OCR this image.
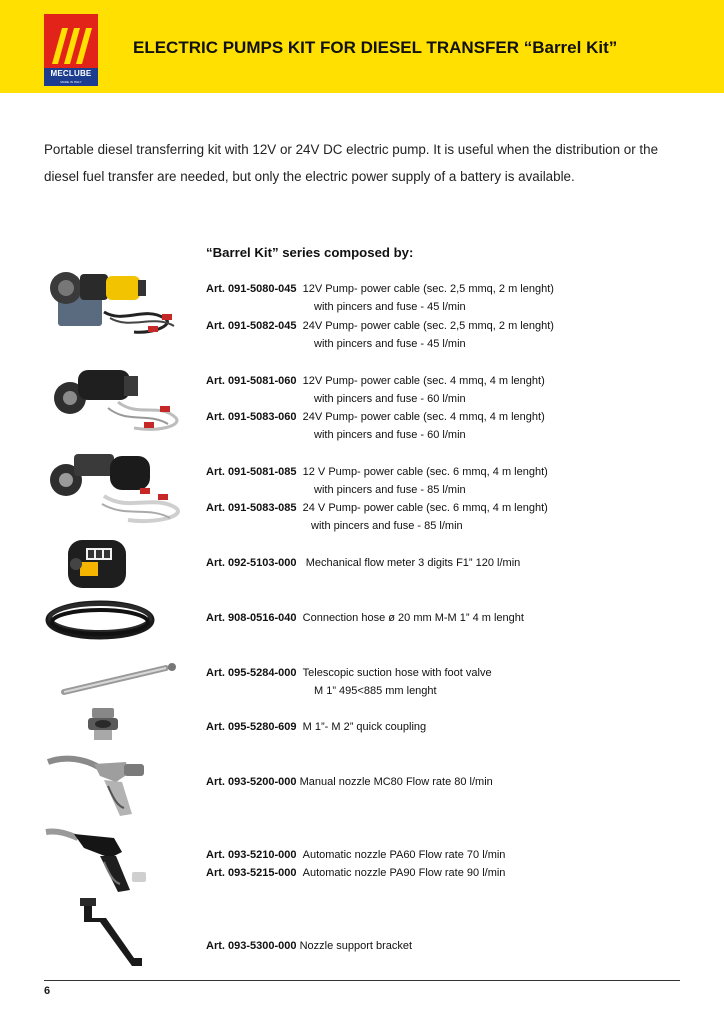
MECLUBE
MADE IN ITALY
ELECTRIC PUMPS KIT FOR DIESEL TRANSFER “Barrel Kit”
Portable diesel transferring kit with 12V or 24V DC electric pump. It is useful when the distribution or the diesel fuel transfer are needed, but only the electric power supply of a battery is available.
“Barrel Kit” series composed by:
Art. 091-5080-045 12V Pump- power cable (sec. 2,5 mmq, 2 m lenght)
with pincers and fuse - 45 l/min
Art. 091-5082-045 24V Pump- power cable (sec. 2,5 mmq, 2 m lenght)
with pincers and fuse - 45 l/min
Art. 091-5081-060 12V Pump- power cable (sec. 4 mmq, 4 m lenght)
with pincers and fuse - 60 l/min
Art. 091-5083-060 24V Pump- power cable (sec. 4 mmq, 4 m lenght)
with pincers and fuse - 60 l/min
Art. 091-5081-085 12 V Pump- power cable (sec. 6 mmq, 4 m lenght)
with pincers and fuse - 85 l/min
Art. 091-5083-085 24 V Pump- power cable (sec. 6 mmq, 4 m lenght)
with pincers and fuse - 85 l/min
Art. 092-5103-000 Mechanical flow meter 3 digits F1” 120 l/min
Art. 908-0516-040 Connection hose ø 20 mm M-M 1” 4 m lenght
Art. 095-5284-000 Telescopic suction hose with foot valve
M 1” 495<885 mm lenght
Art. 095-5280-609 M 1”- M 2” quick coupling
Art. 093-5200-000 Manual nozzle MC80 Flow rate 80 l/min
Art. 093-5210-000 Automatic nozzle PA60 Flow rate 70 l/min
Art. 093-5215-000 Automatic nozzle PA90 Flow rate 90 l/min
Art. 093-5300-000 Nozzle support bracket
6
